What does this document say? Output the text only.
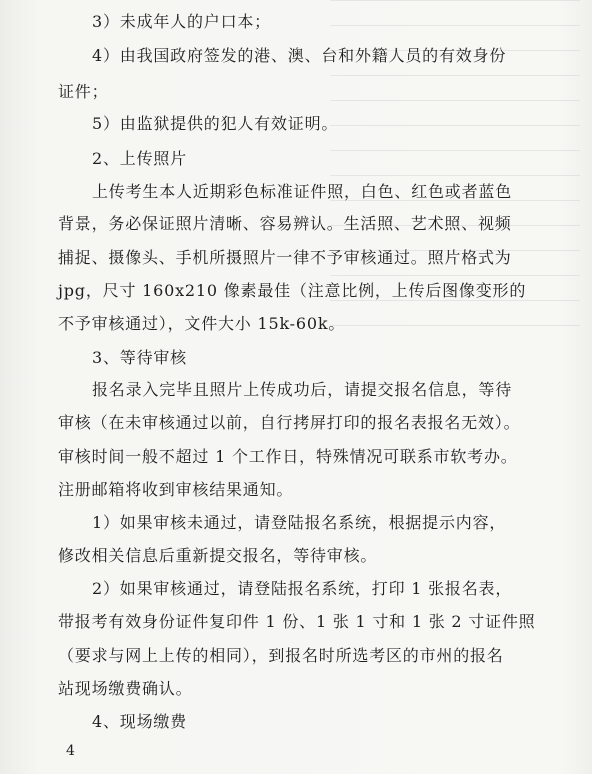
3）未成年人的户口本；
4）由我国政府签发的港、澳、台和外籍人员的有效身份
证件；
5）由监狱提供的犯人有效证明。
2、上传照片
上传考生本人近期彩色标准证件照，白色、红色或者蓝色
背景，务必保证照片清晰、容易辨认。生活照、艺术照、视频
捕捉、摄像头、手机所摄照片一律不予审核通过。照片格式为
jpg，尺寸 160x210 像素最佳（注意比例，上传后图像变形的
不予审核通过），文件大小 15k-60k。
3、等待审核
报名录入完毕且照片上传成功后，请提交报名信息，等待
审核（在未审核通过以前，自行拷屏打印的报名表报名无效）。
审核时间一般不超过 1 个工作日，特殊情况可联系市软考办。
注册邮箱将收到审核结果通知。
1）如果审核未通过，请登陆报名系统，根据提示内容，
修改相关信息后重新提交报名，等待审核。
2）如果审核通过，请登陆报名系统，打印 1 张报名表，
带报考有效身份证件复印件 1 份、1 张 1 寸和 1 张 2 寸证件照
（要求与网上上传的相同），到报名时所选考区的市州的报名
站现场缴费确认。
4、现场缴费
4
